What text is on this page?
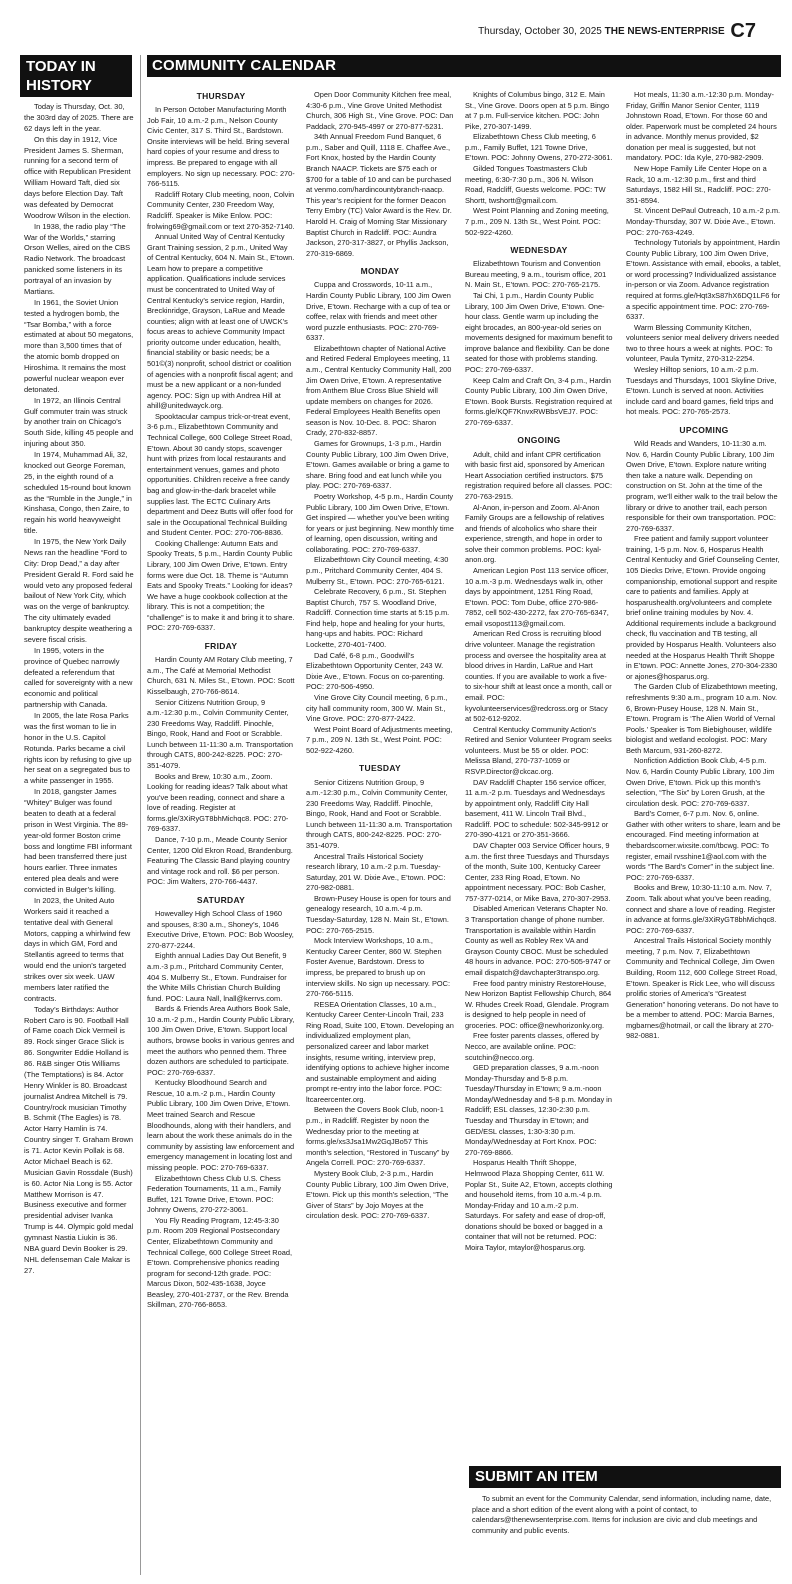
Thursday, October 30, 2025 THE NEWS-ENTERPRISE C7
TODAY IN HISTORY

Today is Thursday, Oct. 30, the 303rd day of 2025. There are 62 days left in the year.

On this day in 1912, Vice President James S. Sherman, running for a second term of office with Republican President William Howard Taft, died six days before Election Day. Taft was defeated by Democrat Woodrow Wilson in the election.

In 1938, the radio play “The War of the Worlds,” starring Orson Welles, aired on the CBS Radio Network. The broadcast panicked some listeners in its portrayal of an invasion by Martians.

In 1961, the Soviet Union tested a hydrogen bomb, the “Tsar Bomba,” with a force estimated at about 50 megatons, more than 3,500 times that of the atomic bomb dropped on Hiroshima. It remains the most powerful nuclear weapon ever detonated.

In 1972, an Illinois Central Gulf commuter train was struck by another train on Chicago’s South Side, killing 45 people and injuring about 350.

In 1974, Muhammad Ali, 32, knocked out George Foreman, 25, in the eighth round of a scheduled 15-round bout known as the “Rumble in the Jungle,” in Kinshasa, Congo, then Zaire, to regain his world heavyweight title.

In 1975, the New York Daily News ran the headline “Ford to City: Drop Dead,” a day after President Gerald R. Ford said he would veto any proposed federal bailout of New York City, which was on the verge of bankruptcy. The city ultimately evaded bankruptcy despite weathering a severe fiscal crisis.

In 1995, voters in the province of Quebec narrowly defeated a referendum that called for sovereignty with a new economic and political partnership with Canada.

In 2005, the late Rosa Parks was the first woman to lie in honor in the U.S. Capitol Rotunda. Parks became a civil rights icon by refusing to give up her seat on a segregated bus to a white passenger in 1955.

In 2018, gangster James “Whitey” Bulger was found beaten to death at a federal prison in West Virginia. The 89-year-old former Boston crime boss and longtime FBI informant had been transferred there just hours earlier. Three inmates entered plea deals and were convicted in Bulger’s killing.

In 2023, the United Auto Workers said it reached a tentative deal with General Motors, capping a whirlwind few days in which GM, Ford and Stellantis agreed to terms that would end the union’s targeted strikes over six week. UAW members later ratified the contracts.

Today’s Birthdays: Author Robert Caro is 90. Football Hall of Fame coach Dick Vermeil is 89. Rock singer Grace Slick is 86. Songwriter Eddie Holland is 86. R&B singer Otis Williams (The Temptations) is 84. Actor Henry Winkler is 80. Broadcast journalist Andrea Mitchell is 79. Country/rock musician Timothy B. Schmit (The Eagles) is 78. Actor Harry Hamlin is 74. Country singer T. Graham Brown is 71. Actor Kevin Pollak is 68. Actor Michael Beach is 62. Musician Gavin Rossdale (Bush) is 60. Actor Nia Long is 55. Actor Matthew Morrison is 47. Business executive and former presidential adviser Ivanka Trump is 44. Olympic gold medal gymnast Nastia Liukin is 36. NBA guard Devin Booker is 29. NHL defenseman Cale Makar is 27.

COMMUNITY CALENDAR
THURSDAY

In Person October Manufacturing Month Job Fair, 10 a.m.-2 p.m., Nelson County Civic Center, 317 S. Third St., Bardstown. Onsite interviews will be held. Bring several hard copies of your resume and dress to impress. Be prepared to engage with all employers. No sign up necessary. POC: 270-766-5115.

Radcliff Rotary Club meeting, noon, Colvin Community Center, 230 Freedom Way, Radcliff. Speaker is Mike Enlow. POC: frolwing69@gmail.com or text 270-352-7140.

Annual United Way of Central Kentucky Grant Training session, 2 p.m., United Way of Central Kentucky, 604 N. Main St., E’town. Learn how to prepare a competitive application. Qualifications include services must be concentrated to United Way of Central Kentucky’s service region, Hardin, Breckinridge, Grayson, LaRue and Meade counties; align with at least one of UWCK’s focus areas to achieve Community Impact priority outcome under education, health, financial stability or basic needs; be a 501©(3) nonprofit, school district or coalition of agencies with a nonprofit fiscal agent; and must be a new applicant or a non-funded agency. POC: Sign up with Andrea Hill at ahill@unitedwayck.org.

Spooktacular campus trick-or-treat event, 3-6 p.m., Elizabethtown Community and Technical College, 600 College Street Road, E’town. About 30 candy stops, scavenger hunt with prizes from local restaurants and entertainment venues, games and photo opportunities. Children receive a free candy bag and glow-in-the-dark bracelet while supplies last. The ECTC Culinary Arts department and Deez Butts will offer food for sale in the Occupational Technical Building and Student Center. POC: 270-706-8836.

Cooking Challenge: Autumn Eats and Spooky Treats, 5 p.m., Hardin County Public Library, 100 Jim Owen Drive, E’town. Entry forms were due Oct. 18. Theme is “Autumn Eats and Spooky Treats.” Looking for ideas? We have a huge cookbook collection at the library. This is not a competition; the “challenge” is to make it and bring it to share. POC: 270-769-6337.

FRIDAY

Hardin County AM Rotary Club meeting, 7 a.m., The Café at Memorial Methodist Church, 631 N. Miles St., E’town. POC: Scott Kisselbaugh, 270-766-8614.

Senior Citizens Nutrition Group, 9 a.m.-12:30 p.m., Colvin Community Center, 230 Freedoms Way, Radcliff. Pinochle, Bingo, Rook, Hand and Foot or Scrabble. Lunch between 11-11:30 a.m. Transportation through CATS, 800-242-8225. POC: 270-351-4079.

Books and Brew, 10:30 a.m., Zoom. Looking for reading ideas? Talk about what you’ve been reading, connect and share a love of reading. Register at forms.gle/3XiRyGT8bhMichqc8. POC: 270-769-6337.

Dance, 7-10 p.m., Meade County Senior Center, 1200 Old Ekron Road, Brandenburg. Featuring The Classic Band playing country and vintage rock and roll. $6 per person. POC: Jim Walters, 270-766-4437.

SATURDAY

Howevalley High School Class of 1960 and spouses, 8:30 a.m., Shoney’s, 1046 Executive Drive, E’town. POC: Bob Woosley, 270-877-2244.

Eighth annual Ladies Day Out Benefit, 9 a.m.-3 p.m., Pritchard Community Center, 404 S. Mulberry St., E’town. Fundraiser for the White Mills Christian Church Building fund. POC: Laura Nall, lnall@kerrvs.com.

Bards & Friends Area Authors Book Sale, 10 a.m.-2 p.m., Hardin County Public Library, 100 Jim Owen Drive, E’town. Support local authors, browse books in various genres and meet the authors who penned them. Three dozen authors are scheduled to participate. POC: 270-769-6337.

Kentucky Bloodhound Search and Rescue, 10 a.m.-2 p.m., Hardin County Public Library, 100 Jim Owen Drive, E’town. Meet trained Search and Rescue Bloodhounds, along with their handlers, and learn about the work these animals do in the community by assisting law enforcement and emergency management in locating lost and missing people. POC: 270-769-6337.

Elizabethtown Chess Club U.S. Chess Federation Tournaments, 11 a.m., Family Buffet, 121 Towne Drive, E’town. POC: Johnny Owens, 270-272-3061.

You Fly Reading Program, 12:45-3:30 p.m. Room 209 Regional Postsecondary Center, Elizabethtown Community and Technical College, 600 College Street Road, E’town. Comprehensive phonics reading program for second-12th grade. POC: Marcus Dixon, 502-435-1638, Joyce Beasley, 270-401-2737, or the Rev. Brenda Skillman, 270-766-8653.

Open Door Community Kitchen free meal, 4:30-6 p.m., Vine Grove United Methodist Church, 306 High St., Vine Grove. POC: Dan Paddack, 270-945-4997 or 270-877-5231.

34th Annual Freedom Fund Banquet, 6 p.m., Saber and Quill, 1118 E. Chaffee Ave., Fort Knox, hosted by the Hardin County Branch NAACP. Tickets are $75 each or $700 for a table of 10 and can be purchased at venmo.com/hardincountybranch-naacp. This year’s recipient for the former Deacon Terry Embry (TC) Valor Award is the Rev. Dr. Harold H. Craig of Morning Star Missionary Baptist Church in Radcliff. POC: Aundra Jackson, 270-317-3827, or Phyllis Jackson, 270-319-6869.

MONDAY

Cuppa and Crosswords, 10-11 a.m., Hardin County Public Library, 100 Jim Owen Drive, E’town. Recharge with a cup of tea or coffee, relax with friends and meet other word puzzle enthusiasts. POC: 270-769-6337.

Elizabethtown chapter of National Active and Retired Federal Employees meeting, 11 a.m., Central Kentucky Community Hall, 200 Jim Owen Drive, E’town. A representative from Anthem Blue Cross Blue Shield will update members on changes for 2026. Federal Employees Health Benefits open season is Nov. 10-Dec. 8. POC: Sharon Crady, 270-832-8857.

Games for Grownups, 1-3 p.m., Hardin County Public Library, 100 Jim Owen Drive, E’town. Games available or bring a game to share. Bring food and eat lunch while you play. POC: 270-769-6337.

Poetry Workshop, 4-5 p.m., Hardin County Public Library, 100 Jim Owen Drive, E’town. Get inspired — whether you’ve been writing for years or just beginning. New monthly time of learning, open discussion, writing and collaborating. POC: 270-769-6337.

Elizabethtown City Council meeting, 4:30 p.m., Pritchard Community Center, 404 S. Mulberry St., E’town. POC: 270-765-6121.

Celebrate Recovery, 6 p.m., St. Stephen Baptist Church, 757 S. Woodland Drive, Radcliff. Connection time starts at 5:15 p.m. Find help, hope and healing for your hurts, hang-ups and habits. POC: Richard Lockette, 270-401-7400.

Dad Café, 6-8 p.m., Goodwill’s Elizabethtown Opportunity Center, 243 W. Dixie Ave., E’town. Focus on co-parenting. POC: 270-506-4950.

Vine Grove City Council meeting, 6 p.m., city hall community room, 300 W. Main St., Vine Grove. POC: 270-877-2422.

West Point Board of Adjustments meeting, 7 p.m., 209 N. 13th St., West Point. POC: 502-922-4260.

TUESDAY

Senior Citizens Nutrition Group, 9 a.m.-12:30 p.m., Colvin Community Center, 230 Freedoms Way, Radcliff. Pinochle, Bingo, Rook, Hand and Foot or Scrabble. Lunch between 11-11:30 a.m. Transportation through CATS, 800-242-8225. POC: 270-351-4079.

Ancestral Trails Historical Society research library, 10 a.m.-2 p.m. Tuesday-Saturday, 201 W. Dixie Ave., E’town. POC: 270-982-0881.

Brown-Pusey House is open for tours and genealogy research, 10 a.m.-4 p.m. Tuesday-Saturday, 128 N. Main St., E’town. POC: 270-765-2515.

Mock Interview Workshops, 10 a.m., Kentucky Career Center, 860 W. Stephen Foster Avenue, Bardstown. Dress to impress, be prepared to brush up on interview skills. No sign up necessary. POC: 270-766-5115.

RESEA Orientation Classes, 10 a.m., Kentucky Career Center-Lincoln Trail, 233 Ring Road, Suite 100, E’town. Developing an individualized employment plan, personalized career and labor market insights, resume writing, interview prep, identifying options to achieve higher income and sustainable employment and aiding prompt re-entry into the labor force. POC: ltcareercenter.org.

Between the Covers Book Club, noon-1 p.m., in Radcliff. Register by noon the Wednesday prior to the meeting at forms.gle/xs3Jsa1Mw2GqJBo57 This month’s selection, “Restored in Tuscany” by Angela Correll. POC: 270-769-6337.

Mystery Book Club, 2-3 p.m., Hardin County Public Library, 100 Jim Owen Drive, E’town. Pick up this month’s selection, “The Giver of Stars” by Jojo Moyes at the circulation desk. POC: 270-769-6337.

Knights of Columbus bingo, 312 E. Main St., Vine Grove. Doors open at 5 p.m. Bingo at 7 p.m. Full-service kitchen. POC: John Pike, 270-307-1499.

Elizabethtown Chess Club meeting, 6 p.m., Family Buffet, 121 Towne Drive, E’town. POC: Johnny Owens, 270-272-3061.

Gilded Tongues Toastmasters Club meeting, 6:30-7:30 p.m., 306 N. Wilson Road, Radcliff, Guests welcome. POC: TW Shortt, twshortt@gmail.com.

West Point Planning and Zoning meeting, 7 p.m., 209 N. 13th St., West Point. POC: 502-922-4260.

WEDNESDAY

Elizabethtown Tourism and Convention Bureau meeting, 9 a.m., tourism office, 201 N. Main St., E’town. POC: 270-765-2175.

Tai Chi, 1 p.m., Hardin County Public Library, 100 Jim Owen Drive, E’town. One-hour class. Gentle warm up including the eight brocades, an 800-year-old series on movements designed for maximum benefit to improve balance and flexibility. Can be done seated for those with problems standing. POC: 270-769-6337.

Keep Calm and Craft On, 3-4 p.m., Hardin County Public Library, 100 Jim Owen Drive, E’town. Book Bursts. Registration required at forms.gle/KQF7KnvxRWBbsVEJ7. POC: 270-769-6337.

ONGOING

Adult, child and infant CPR certification with basic first aid, sponsored by American Heart Association certified instructors. $75 registration required before all classes. POC: 270-763-2915.

Al-Anon, in-person and Zoom. Al-Anon Family Groups are a fellowship of relatives and friends of alcoholics who share their experience, strength, and hope in order to solve their common problems. POC: kyal-anon.org.

American Legion Post 113 service officer, 10 a.m.-3 p.m. Wednesdays walk in, other days by appointment, 1251 Ring Road, E’town. POC: Tom Dube, office 270-986-7852, cell 502-430-2272, fax 270-765-6347, email vsopost113@gmail.com.

American Red Cross is recruiting blood drive volunteer. Manage the registration process and oversee the hospitality area at blood drives in Hardin, LaRue and Hart counties. If you are available to work a five- to six-hour shift at least once a month, call or email. POC: kyvolunteerservices@redcross.org or Stacy at 502-612-9202.

Central Kentucky Community Action’s Retired and Senior Volunteer Program seeks volunteers. Must be 55 or older. POC: Melissa Bland, 270-737-1059 or RSVP.Director@ckcac.org.

DAV Radcliff Chapter 156 service officer, 11 a.m.-2 p.m. Tuesdays and Wednesdays by appointment only, Radcliff City Hall basement, 411 W. Lincoln Trail Blvd., Radcliff. POC to schedule: 502-345-9912 or 270-390-4121 or 270-351-3666.

DAV Chapter 003 Service Officer hours, 9 a.m. the first three Tuesdays and Thursdays of the month, Suite 100, Kentucky Career Center, 233 Ring Road, E’town. No appointment necessary. POC: Bob Casher, 757-377-0214, or Mike Bava, 270-307-2953.

Disabled American Veterans Chapter No. 3 Transportation change of phone number. Transportation is available within Hardin County as well as Robley Rex VA and Grayson County CBOC. Must be scheduled 48 hours in advance. POC: 270-505-9747 or email dispatch@davchapter3transpo.org.

Free food pantry ministry RestoreHouse, New Horizon Baptist Fellowship Church, 864 W. Rhudes Creek Road, Glendale. Program is designed to help people in need of groceries. POC: office@newhorizonky.org.

Free foster parents classes, offered by Necco, are available online. POC: scutchin@necco.org.

GED preparation classes, 9 a.m.-noon Monday-Thursday and 5-8 p.m. Tuesday/Thursday in E’town; 9 a.m.-noon Monday/Wednesday and 5-8 p.m. Monday in Radcliff; ESL classes, 12:30-2:30 p.m. Tuesday and Thursday in E’town; and GED/ESL classes, 1:30-3:30 p.m. Monday/Wednesday at Fort Knox. POC: 270-769-8866.

Hosparus Health Thrift Shoppe, Helmwood Plaza Shopping Center, 611 W. Poplar St., Suite A2, E’town, accepts clothing and household items, from 10 a.m.-4 p.m. Monday-Friday and 10 a.m.-2 p.m. Saturdays. For safety and ease of drop-off, donations should be boxed or bagged in a container that will not be returned. POC: Moira Taylor, mtaylor@hosparus.org.

Hot meals, 11:30 a.m.-12:30 p.m. Monday-Friday, Griffin Manor Senior Center, 1119 Johnstown Road, E’town. For those 60 and older. Paperwork must be completed 24 hours in advance. Monthly menus provided, $2 donation per meal is suggested, but not mandatory. POC: Ida Kyle, 270-982-2909.

New Hope Family Life Center Hope on a Rack, 10 a.m.-12:30 p.m., first and third Saturdays, 1582 Hill St., Radcliff. POC: 270-351-8594.

St. Vincent DePaul Outreach, 10 a.m.-2 p.m. Monday-Thursday, 307 W. Dixie Ave., E’town. POC: 270-763-4249.

Technology Tutorials by appointment, Hardin County Public Library, 100 Jim Owen Drive, E’town. Assistance with email, ebooks, a tablet, or word processing? Individualized assistance in-person or via Zoom. Advance registration required at forms.gle/Hqt3xS87hX6DQ1LF6 for a specific appointment time. POC: 270-769-6337.

Warm Blessing Community Kitchen, volunteers senior meal delivery drivers needed two to three hours a week at nights. POC: To volunteer, Paula Tymitz, 270-312-2254.

Wesley Hilltop seniors, 10 a.m.-2 p.m. Tuesdays and Thursdays, 1001 Skyline Drive, E’town. Lunch is served at noon. Activities include card and board games, field trips and hot meals. POC: 270-765-2573.

UPCOMING

Wild Reads and Wanders, 10-11:30 a.m. Nov. 6, Hardin County Public Library, 100 Jim Owen Drive, E’town. Explore nature writing then take a nature walk. Depending on construction on St. John at the time of the program, we’ll either walk to the trail below the library or drive to another trail, each person responsible for their own transportation. POC: 270-769-6337.

Free patient and family support volunteer training, 1-5 p.m. Nov. 6, Hosparus Health Central Kentucky and Grief Counseling Center, 105 Diecks Drive, E’town. Provide ongoing companionship, emotional support and respite care to patients and families. Apply at hosparushealth.org/volunteers and complete brief online training modules by Nov. 4. Additional requirements include a background check, flu vaccination and TB testing, all provided by Hosparus Health. Volunteers also needed at the Hosparus Health Thrift Shoppe in E’town. POC: Annette Jones, 270-304-2330 or ajones@hosparus.org.

The Garden Club of Elizabethtown meeting, refreshments 9:30 a.m., program 10 a.m. Nov. 6, Brown-Pusey House, 128 N. Main St., E’town. Program is ‘The Alien World of Vernal Pools.’ Speaker is Tom Biebighouser, wildlife biologist and wetland ecologist. POC: Mary Beth Marcum, 931-260-8272.

Nonfiction Addiction Book Club, 4-5 p.m. Nov. 6, Hardin County Public Library, 100 Jim Owen Drive, E’town. Pick up this month’s selection, “The Six” by Loren Grush, at the circulation desk. POC: 270-769-6337.

Bard’s Corner, 6-7 p.m. Nov. 6, online. Gather with other writers to share, learn and be encouraged. Find meeting information at thebardscorner.wixsite.com/tbcwg. POC: To register, email rvsshine1@aol.com with the words “The Bard’s Corner” in the subject line. POC: 270-769-6337.

Books and Brew, 10:30-11:10 a.m. Nov. 7, Zoom. Talk about what you’ve been reading, connect and share a love of reading. Register in advance at forms.gle/3XiRyGT8bhMichqc8. POC: 270-769-6337.

Ancestral Trails Historical Society monthly meeting, 7 p.m. Nov. 7, Elizabethtown Community and Technical College, Jim Owen Building, Room 112, 600 College Street Road, E’town. Speaker is Rick Lee, who will discuss prolific stories of America’s “Greatest Generation” honoring veterans. Do not have to be a member to attend. POC: Marcia Barnes, mgbarnes@hotmail, or call the library at 270-982-0881.

SUBMIT AN ITEM
To submit an event for the Community Calendar, send information, including name, date, place and a short edition of the event along with a point of contact, to calendars@thenewsenterprise.com. Items for inclusion are civic and club meetings and community and public events.
